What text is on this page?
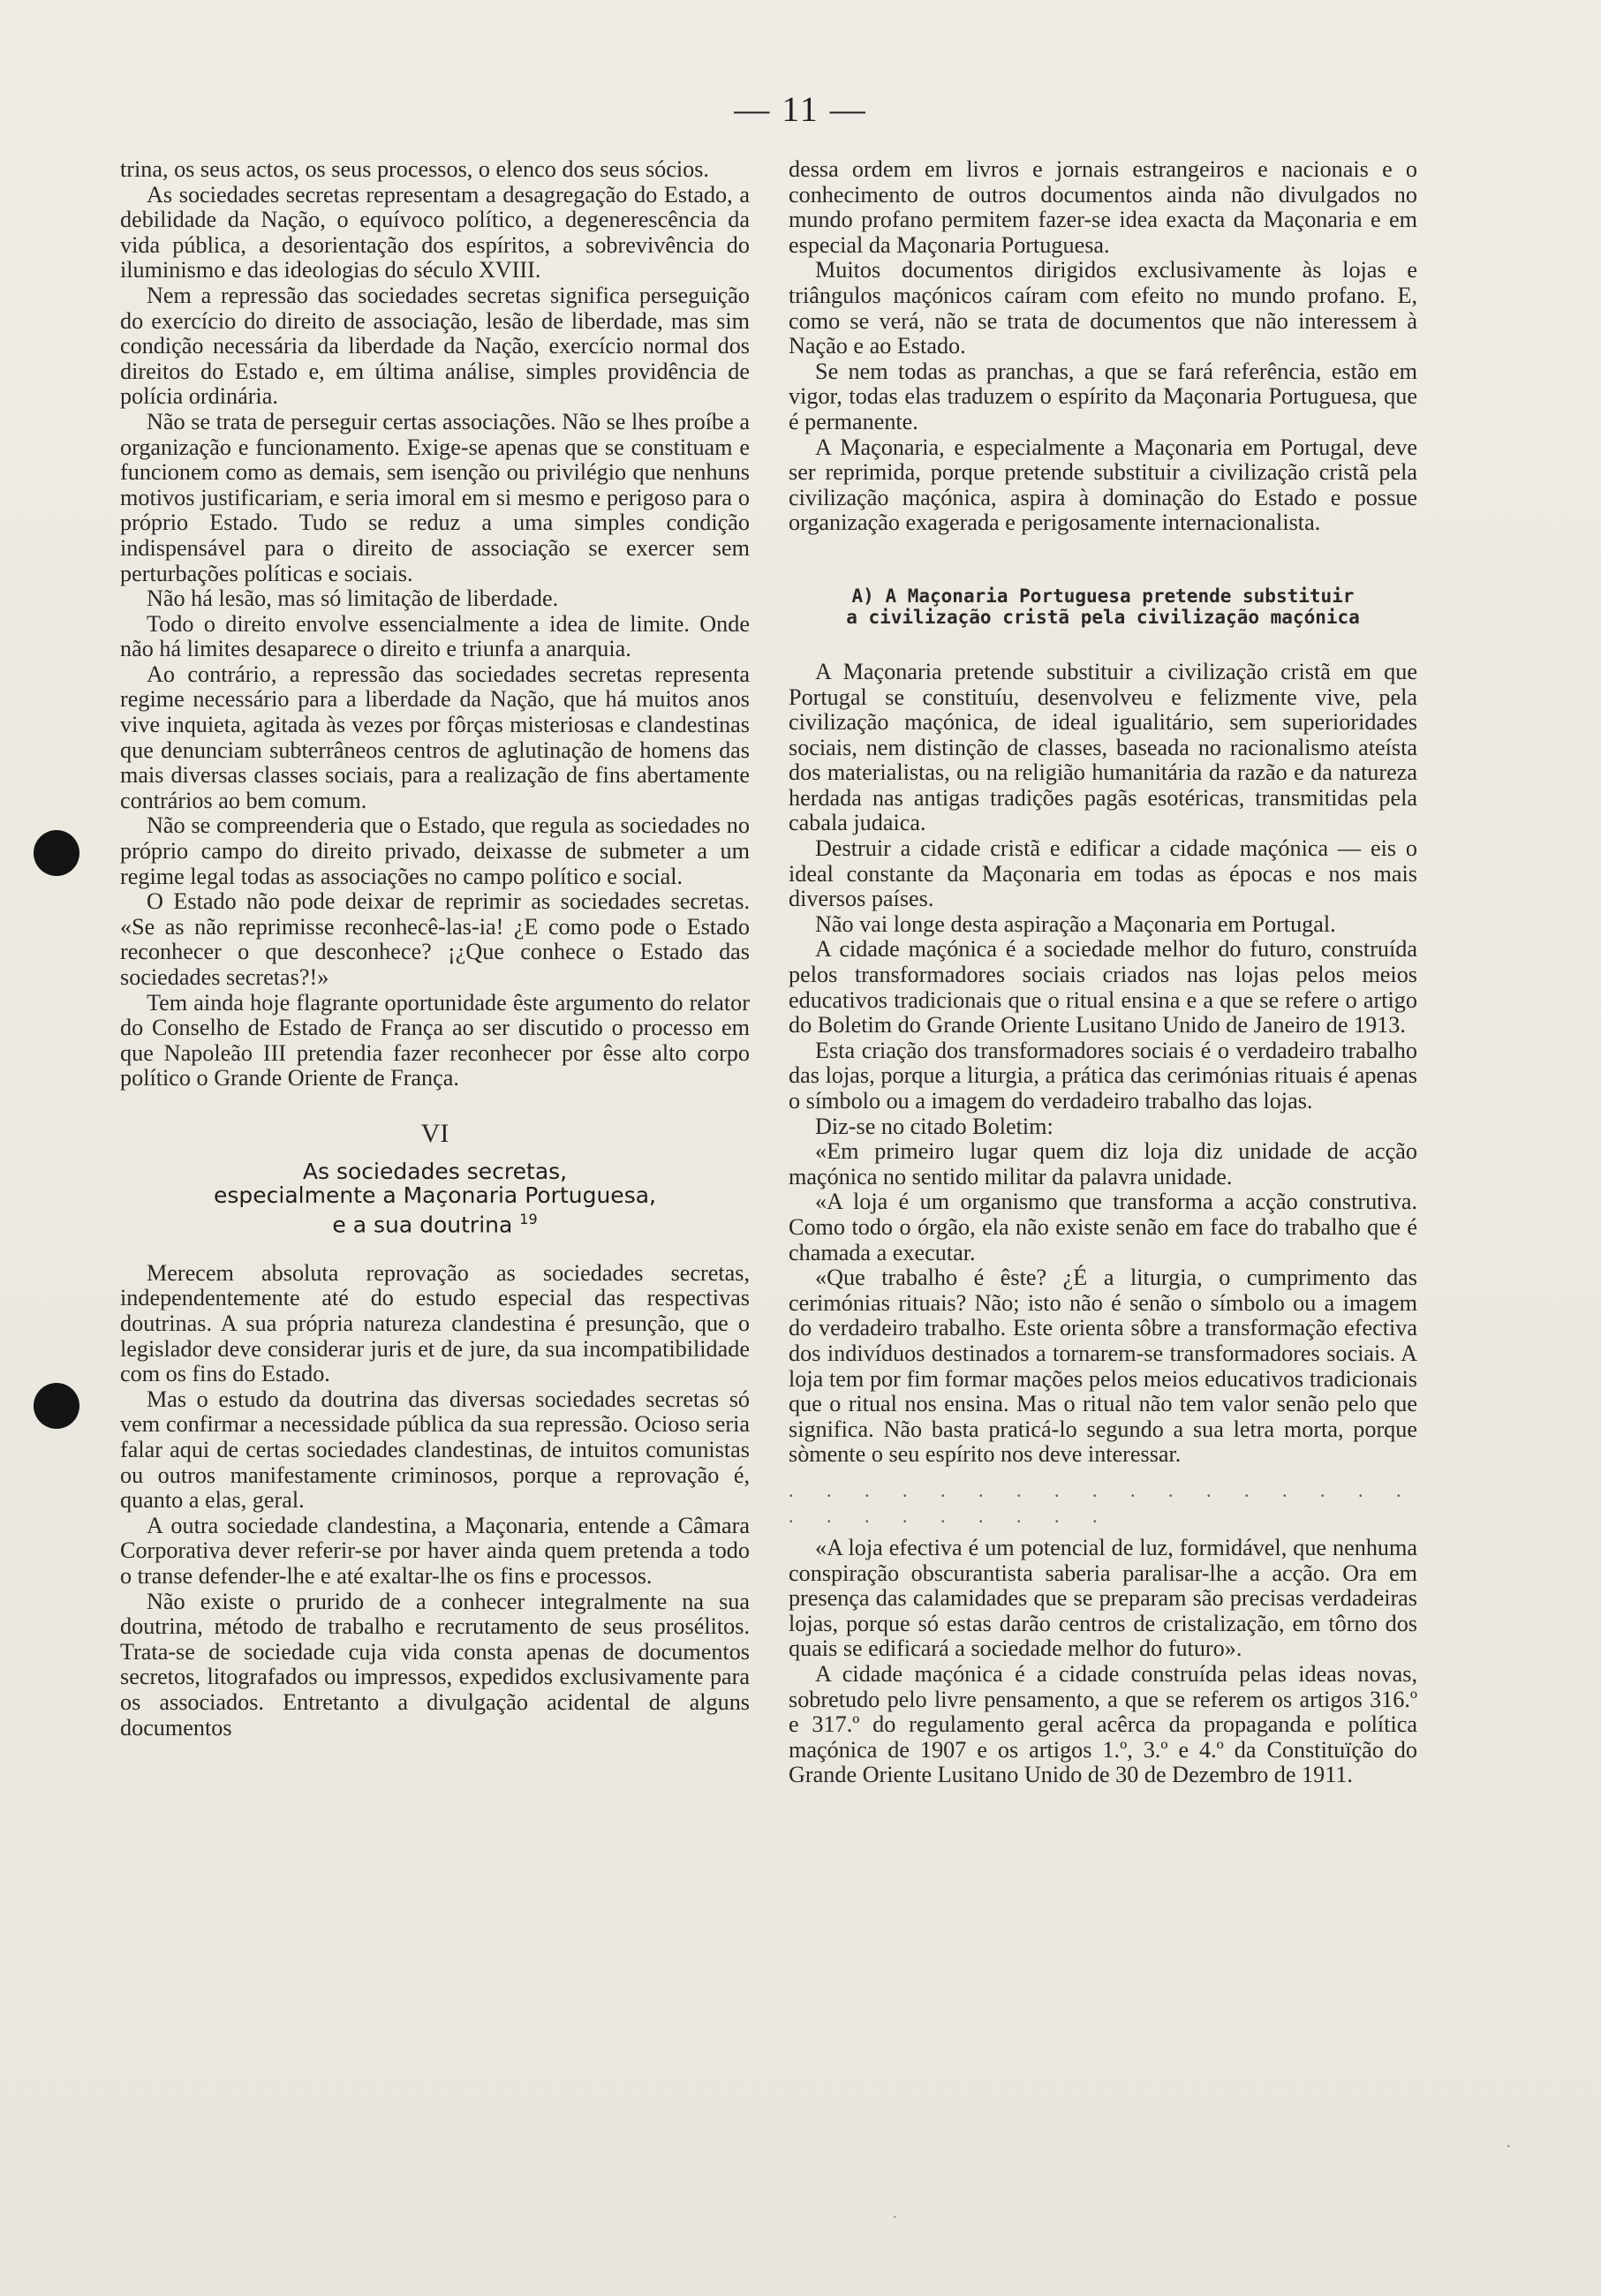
— 11 —

trina, os seus actos, os seus processos, o elenco dos seus sócios.

As sociedades secretas representam a desagregação do Estado, a debilidade da Nação, o equívoco político, a degenerescência da vida pública, a desorientação dos espíritos, a sobrevivência do iluminismo e das ideologias do século XVIII.

Nem a repressão das sociedades secretas significa perseguição do exercício do direito de associação, lesão de liberdade, mas sim condição necessária da liberdade da Nação, exercício normal dos direitos do Estado e, em última análise, simples providência de polícia ordinária.

Não se trata de perseguir certas associações. Não se lhes proíbe a organização e funcionamento. Exige-se apenas que se constituam e funcionem como as demais, sem isenção ou privilégio que nenhuns motivos justificariam, e seria imoral em si mesmo e perigoso para o próprio Estado. Tudo se reduz a uma simples condição indispensável para o direito de associação se exercer sem perturbações políticas e sociais.

Não há lesão, mas só limitação de liberdade.

Todo o direito envolve essencialmente a idea de limite. Onde não há limites desaparece o direito e triunfa a anarquia.

Ao contrário, a repressão das sociedades secretas representa regime necessário para a liberdade da Nação, que há muitos anos vive inquieta, agitada às vezes por fôrças misteriosas e clandestinas que denunciam subterrâneos centros de aglutinação de homens das mais diversas classes sociais, para a realização de fins abertamente contrários ao bem comum.

Não se compreenderia que o Estado, que regula as sociedades no próprio campo do direito privado, deixasse de submeter a um regime legal todas as associações no campo político e social.

O Estado não pode deixar de reprimir as sociedades secretas. «Se as não reprimisse reconhecê-las-ia! ¿E como pode o Estado reconhecer o que desconhece? ¡¿Que conhece o Estado das sociedades secretas?!»

Tem ainda hoje flagrante oportunidade êste argumento do relator do Conselho de Estado de França ao ser discutido o processo em que Napoleão III pretendia fazer reconhecer por êsse alto corpo político o Grande Oriente de França.

VI
As sociedades secretas,
especialmente a Maçonaria Portuguesa,
e a sua doutrina $^{19}$

Merecem absoluta reprovação as sociedades secretas, independentemente até do estudo especial das respectivas doutrinas. A sua própria natureza clandestina é presunção, que o legislador deve considerar juris et de jure, da sua incompatibilidade com os fins do Estado.

Mas o estudo da doutrina das diversas sociedades secretas só vem confirmar a necessidade pública da sua repressão. Ocioso seria falar aqui de certas sociedades clandestinas, de intuitos comunistas ou outros manifestamente criminosos, porque a reprovação é, quanto a elas, geral.

A outra sociedade clandestina, a Maçonaria, entende a Câmara Corporativa dever referir-se por haver ainda quem pretenda a todo o transe defender-lhe e até exaltar-lhe os fins e processos.

Não existe o prurido de a conhecer integralmente na sua doutrina, método de trabalho e recrutamento de seus prosélitos. Trata-se de sociedade cuja vida consta apenas de documentos secretos, litografados ou impressos, expedidos exclusivamente para os associados. Entretanto a divulgação acidental de alguns documentos

dessa ordem em livros e jornais estrangeiros e nacionais e o conhecimento de outros documentos ainda não divulgados no mundo profano permitem fazer-se idea exacta da Maçonaria e em especial da Maçonaria Portuguesa.

Muitos documentos dirigidos exclusivamente às lojas e triângulos maçónicos caíram com efeito no mundo profano. E, como se verá, não se trata de documentos que não interessem à Nação e ao Estado.

Se nem todas as pranchas, a que se fará referência, estão em vigor, todas elas traduzem o espírito da Maçonaria Portuguesa, que é permanente.

A Maçonaria, e especialmente a Maçonaria em Portugal, deve ser reprimida, porque pretende substituir a civilização cristã pela civilização maçónica, aspira à dominação do Estado e possue organização exagerada e perigosamente internacionalista.

A) A Maçonaria Portuguesa pretende substituir
a civilização cristã pela civilização maçónica

A Maçonaria pretende substituir a civilização cristã em que Portugal se constituíu, desenvolveu e felizmente vive, pela civilização maçónica, de ideal igualitário, sem superioridades sociais, nem distinção de classes, baseada no racionalismo ateísta dos materialistas, ou na religião humanitária da razão e da natureza herdada nas antigas tradições pagãs esotéricas, transmitidas pela cabala judaica.

Destruir a cidade cristã e edificar a cidade maçónica — eis o ideal constante da Maçonaria em todas as épocas e nos mais diversos países.

Não vai longe desta aspiração a Maçonaria em Portugal.

A cidade maçónica é a sociedade melhor do futuro, construída pelos transformadores sociais criados nas lojas pelos meios educativos tradicionais que o ritual ensina e a que se refere o artigo do Boletim do Grande Oriente Lusitano Unido de Janeiro de 1913.

Esta criação dos transformadores sociais é o verdadeiro trabalho das lojas, porque a liturgia, a prática das cerimónias rituais é apenas o símbolo ou a imagem do verdadeiro trabalho das lojas.

Diz-se no citado Boletim:

«Em primeiro lugar quem diz loja diz unidade de acção maçónica no sentido militar da palavra unidade.

«A loja é um organismo que transforma a acção construtiva. Como todo o órgão, ela não existe senão em face do trabalho que é chamada a executar.

«Que trabalho é êste? ¿É a liturgia, o cumprimento das cerimónias rituais? Não; isto não é senão o símbolo ou a imagem do verdadeiro trabalho. Este orienta sôbre a transformação efectiva dos indivíduos destinados a tornarem-se transformadores sociais. A loja tem por fim formar mações pelos meios educativos tradicionais que o ritual nos ensina. Mas o ritual não tem valor senão pelo que significa. Não basta praticá-lo segundo a sua letra morta, porque sòmente o seu espírito nos deve interessar.

. . . . . . . . . . . . . . . . . . . . . . . . . .

«A loja efectiva é um potencial de luz, formidável, que nenhuma conspiração obscurantista saberia paralisar-lhe a acção. Ora em presença das calamidades que se preparam são precisas verdadeiras lojas, porque só estas darão centros de cristalização, em tôrno dos quais se edificará a sociedade melhor do futuro».

A cidade maçónica é a cidade construída pelas ideas novas, sobretudo pelo livre pensamento, a que se referem os artigos 316.º e 317.º do regulamento geral acêrca da propaganda e política maçónica de 1907 e os artigos 1.º, 3.º e 4.º da Constituïção do Grande Oriente Lusitano Unido de 30 de Dezembro de 1911.

·
·
